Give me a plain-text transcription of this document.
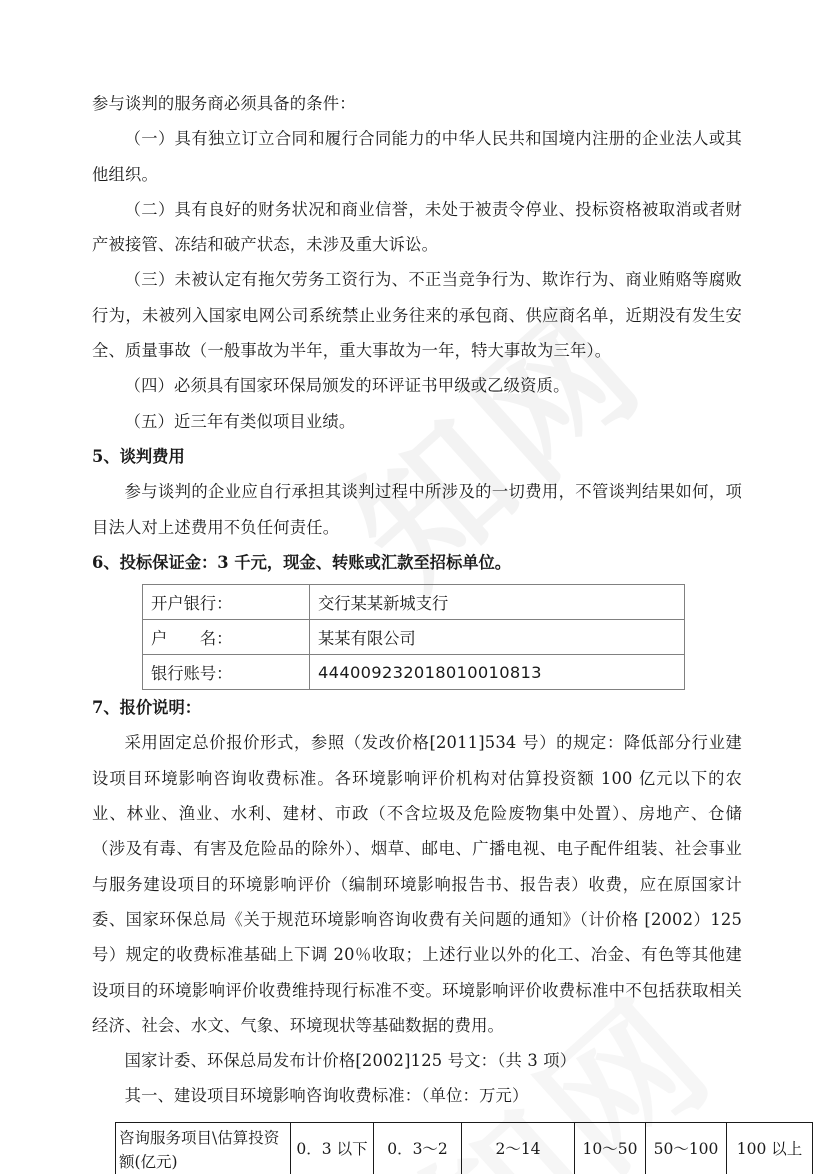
参与谈判的服务商必须具备的条件：

（一）具有独立订立合同和履行合同能力的中华人民共和国境内注册的企业法人或其他组织。

（二）具有良好的财务状况和商业信誉，未处于被责令停业、投标资格被取消或者财产被接管、冻结和破产状态，未涉及重大诉讼。

（三）未被认定有拖欠劳务工资行为、不正当竞争行为、欺诈行为、商业贿赂等腐败行为，未被列入国家电网公司系统禁止业务往来的承包商、供应商名单，近期没有发生安全、质量事故（一般事故为半年，重大事故为一年，特大事故为三年）。

（四）必须具有国家环保局颁发的环评证书甲级或乙级资质。

（五）近三年有类似项目业绩。

5、谈判费用

参与谈判的企业应自行承担其谈判过程中所涉及的一切费用，不管谈判结果如何，项目法人对上述费用不负任何责任。

6、投标保证金：3 千元，现金、转账或汇款至招标单位。

开户银行：	交行某某新城支行
户　　名：	某某有限公司
银行账号：	444009232018010010813

7、报价说明：

采用固定总价报价形式，参照（发改价格[2011]534 号）的规定：降低部分行业建设项目环境影响咨询收费标准。各环境影响评价机构对估算投资额 100 亿元以下的农业、林业、渔业、水利、建材、市政（不含垃圾及危险废物集中处置）、房地产、仓储（涉及有毒、有害及危险品的除外）、烟草、邮电、广播电视、电子配件组装、社会事业与服务建设项目的环境影响评价（编制环境影响报告书、报告表）收费，应在原国家计委、国家环保总局《关于规范环境影响咨询收费有关问题的通知》（计价格 [2002）125 号）规定的收费标准基础上下调 20％收取；上述行业以外的化工、冶金、有色等其他建设项目的环境影响评价收费维持现行标准不变。环境影响评价收费标准中不包括获取相关经济、社会、水文、气象、环境现状等基础数据的费用。

国家计委、环保总局发布计价格[2002]125 号文：（共 3 项）

其一、建设项目环境影响咨询收费标准：（单位：万元）

咨询服务项目\估算投资额(亿元)	0．3 以下	0．3～2	2～14	10～50	50～100	100 以上
